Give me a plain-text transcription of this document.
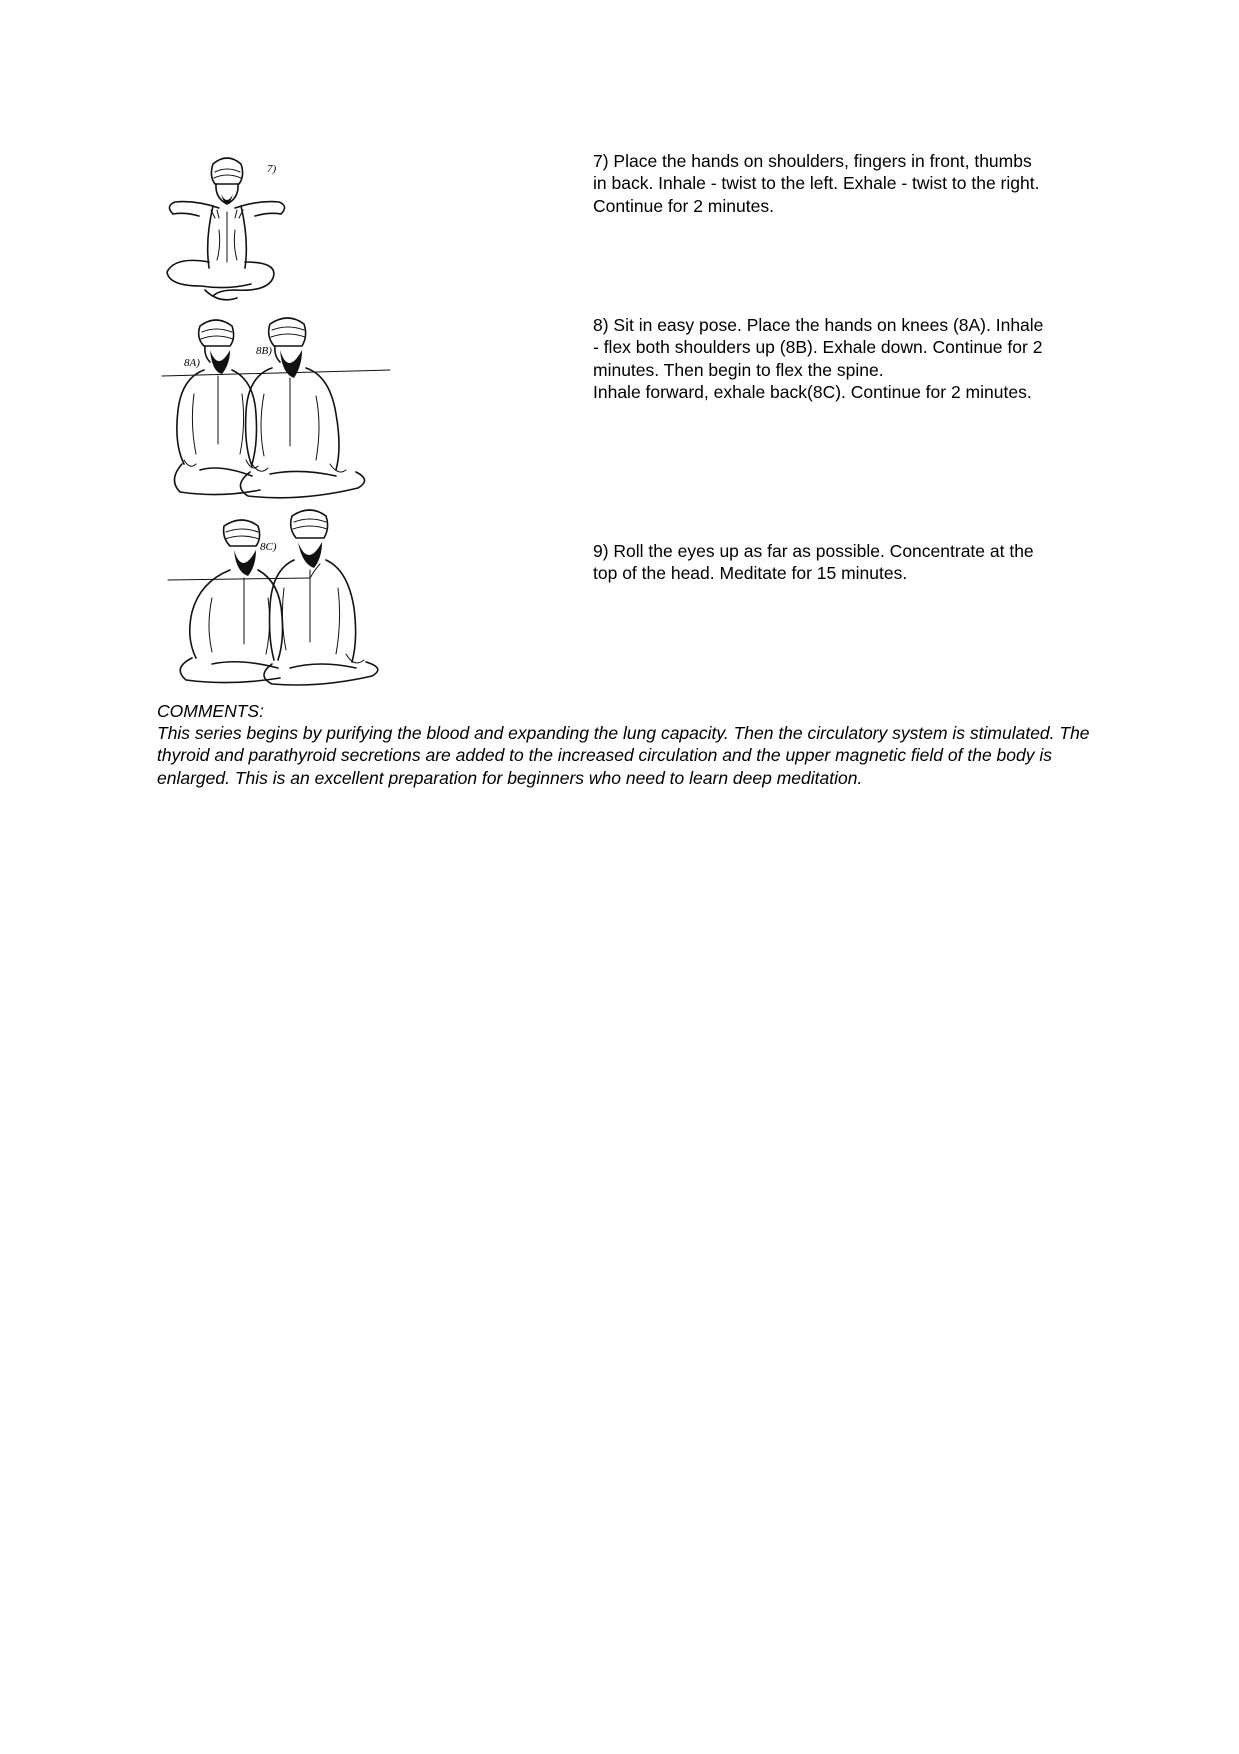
7)
8A)
8B)
8C)
7) Place the hands on shoulders, fingers in front, thumbs
in back. Inhale - twist to the left. Exhale - twist to the right.
Continue for 2 minutes.
8) Sit in easy pose. Place the hands on knees (8A). Inhale
- flex both shoulders up (8B). Exhale down. Continue for 2
minutes. Then begin to flex the spine.
Inhale forward, exhale back(8C). Continue for 2 minutes.
9) Roll the eyes up as far as possible. Concentrate at the
top of the head. Meditate for 15 minutes.
COMMENTS:
This series begins by purifying the blood and expanding the lung capacity. Then the circulatory system is stimulated. The thyroid and parathyroid secretions are added to the increased circulation and the upper magnetic field of the body is enlarged. This is an excellent preparation for beginners who need to learn deep meditation.
